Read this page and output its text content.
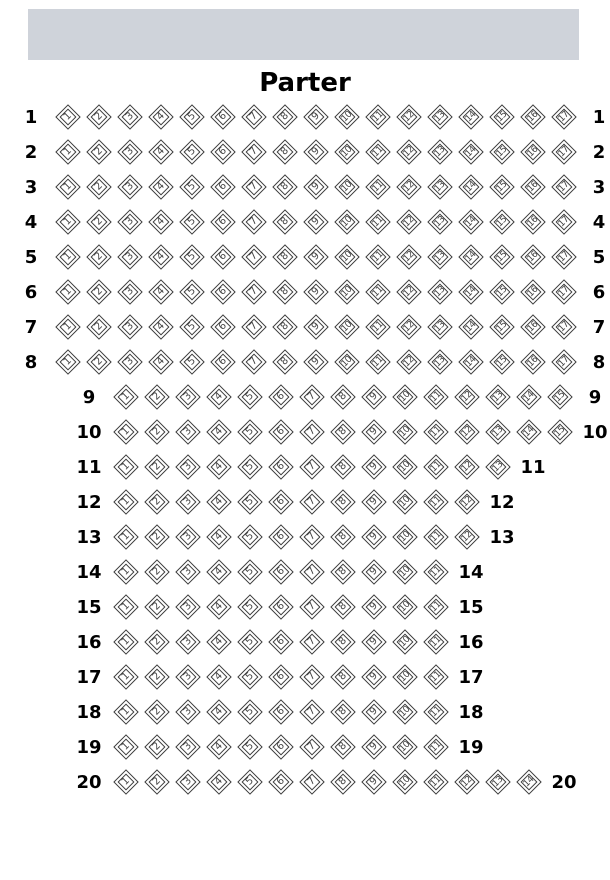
Parter
1	1
1 2 3 4 5 6 7 8 9 10 11 12 13 14 15 16 17
2	2
1 2 3 4 5 6 7 8 9 10 11 12 13 14 15 16 17
3	3
1 2 3 4 5 6 7 8 9 10 11 12 13 14 15 16 17
4	4
1 2 3 4 5 6 7 8 9 10 11 12 13 14 15 16 17
5	5
1 2 3 4 5 6 7 8 9 10 11 12 13 14 15 16 17
6	6
1 2 3 4 5 6 7 8 9 10 11 12 13 14 15 16 17
7	7
1 2 3 4 5 6 7 8 9 10 11 12 13 14 15 16 17
8	8
1 2 3 4 5 6 7 8 9 10 11 12 13 14 15 16 17
9	9
1 2 3 4 5 6 7 8 9 10 11 12 13 14 15
10	10
1 2 3 4 5 6 7 8 9 10 11 12 13 14 15
11	11
1 2 3 4 5 6 7 8 9 10 11 12 13
12	12
1 2 3 4 5 6 7 8 9 10 11 12
13	13
1 2 3 4 5 6 7 8 9 10 11 12
14	14
1 2 3 4 5 6 7 8 9 10 11
15	15
1 2 3 4 5 6 7 8 9 10 11
16	16
1 2 3 4 5 6 7 8 9 10 11
17	17
1 2 3 4 5 6 7 8 9 10 11
18	18
1 2 3 4 5 6 7 8 9 10 11
19	19
1 2 3 4 5 6 7 8 9 10 11
20	20
1 2 3 4 5 6 7 8 9 10 11 12 13 14
